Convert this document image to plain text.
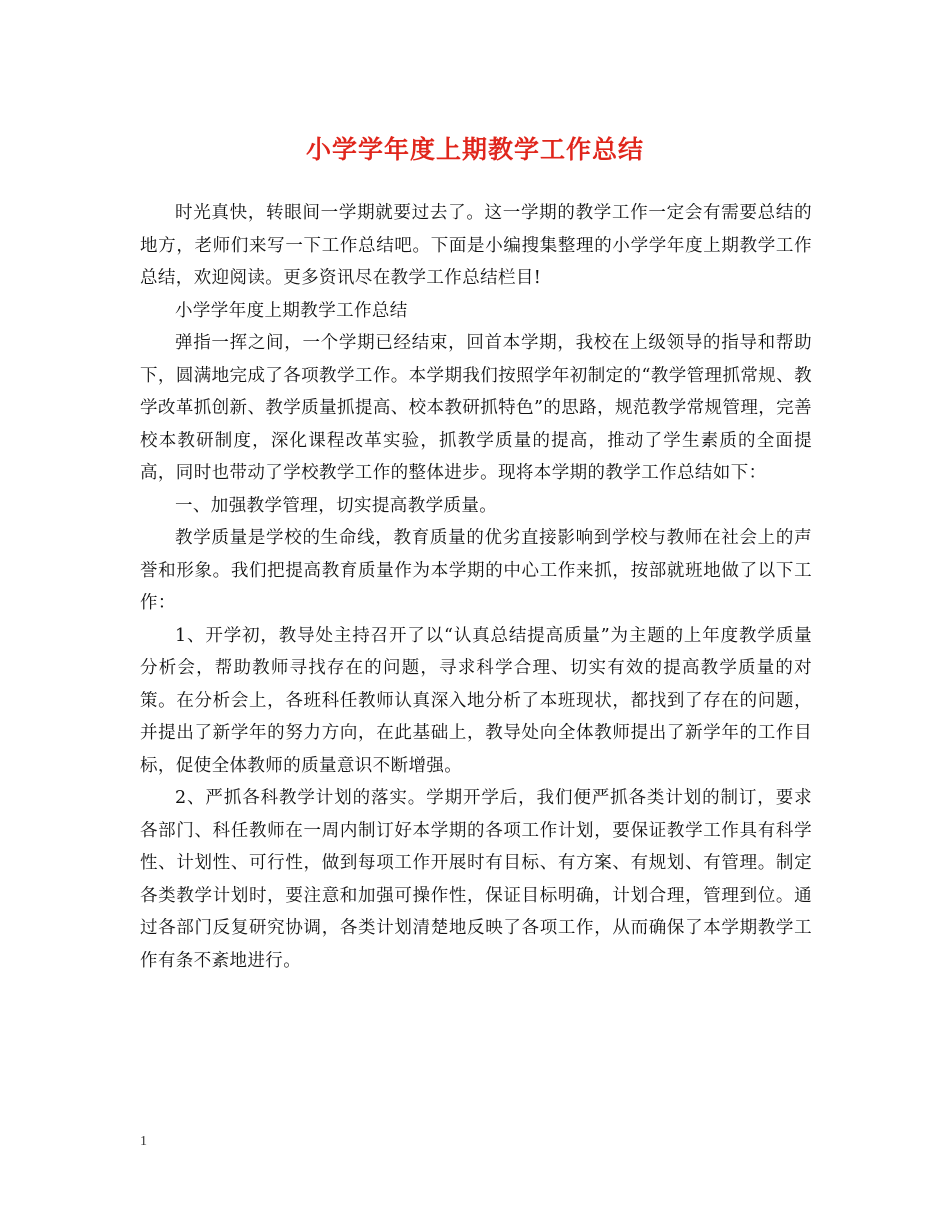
小学学年度上期教学工作总结

时光真快，转眼间一学期就要过去了。这一学期的教学工作一定会有需要总结的地方，老师们来写一下工作总结吧。下面是小编搜集整理的小学学年度上期教学工作总结，欢迎阅读。更多资讯尽在教学工作总结栏目!

小学学年度上期教学工作总结

弹指一挥之间，一个学期已经结束，回首本学期，我校在上级领导的指导和帮助下，圆满地完成了各项教学工作。本学期我们按照学年初制定的“教学管理抓常规、教学改革抓创新、教学质量抓提高、校本教研抓特色”的思路，规范教学常规管理，完善校本教研制度，深化课程改革实验，抓教学质量的提高，推动了学生素质的全面提高，同时也带动了学校教学工作的整体进步。现将本学期的教学工作总结如下：

一、加强教学管理，切实提高教学质量。

教学质量是学校的生命线，教育质量的优劣直接影响到学校与教师在社会上的声誉和形象。我们把提高教育质量作为本学期的中心工作来抓，按部就班地做了以下工作：

1、开学初，教导处主持召开了以“认真总结提高质量”为主题的上年度教学质量分析会，帮助教师寻找存在的问题，寻求科学合理、切实有效的提高教学质量的对策。在分析会上，各班科任教师认真深入地分析了本班现状，都找到了存在的问题，并提出了新学年的努力方向，在此基础上，教导处向全体教师提出了新学年的工作目标，促使全体教师的质量意识不断增强。

2、严抓各科教学计划的落实。学期开学后，我们便严抓各类计划的制订，要求各部门、科任教师在一周内制订好本学期的各项工作计划，要保证教学工作具有科学性、计划性、可行性，做到每项工作开展时有目标、有方案、有规划、有管理。制定各类教学计划时，要注意和加强可操作性，保证目标明确，计划合理，管理到位。通过各部门反复研究协调，各类计划清楚地反映了各项工作，从而确保了本学期教学工作有条不紊地进行。

1
